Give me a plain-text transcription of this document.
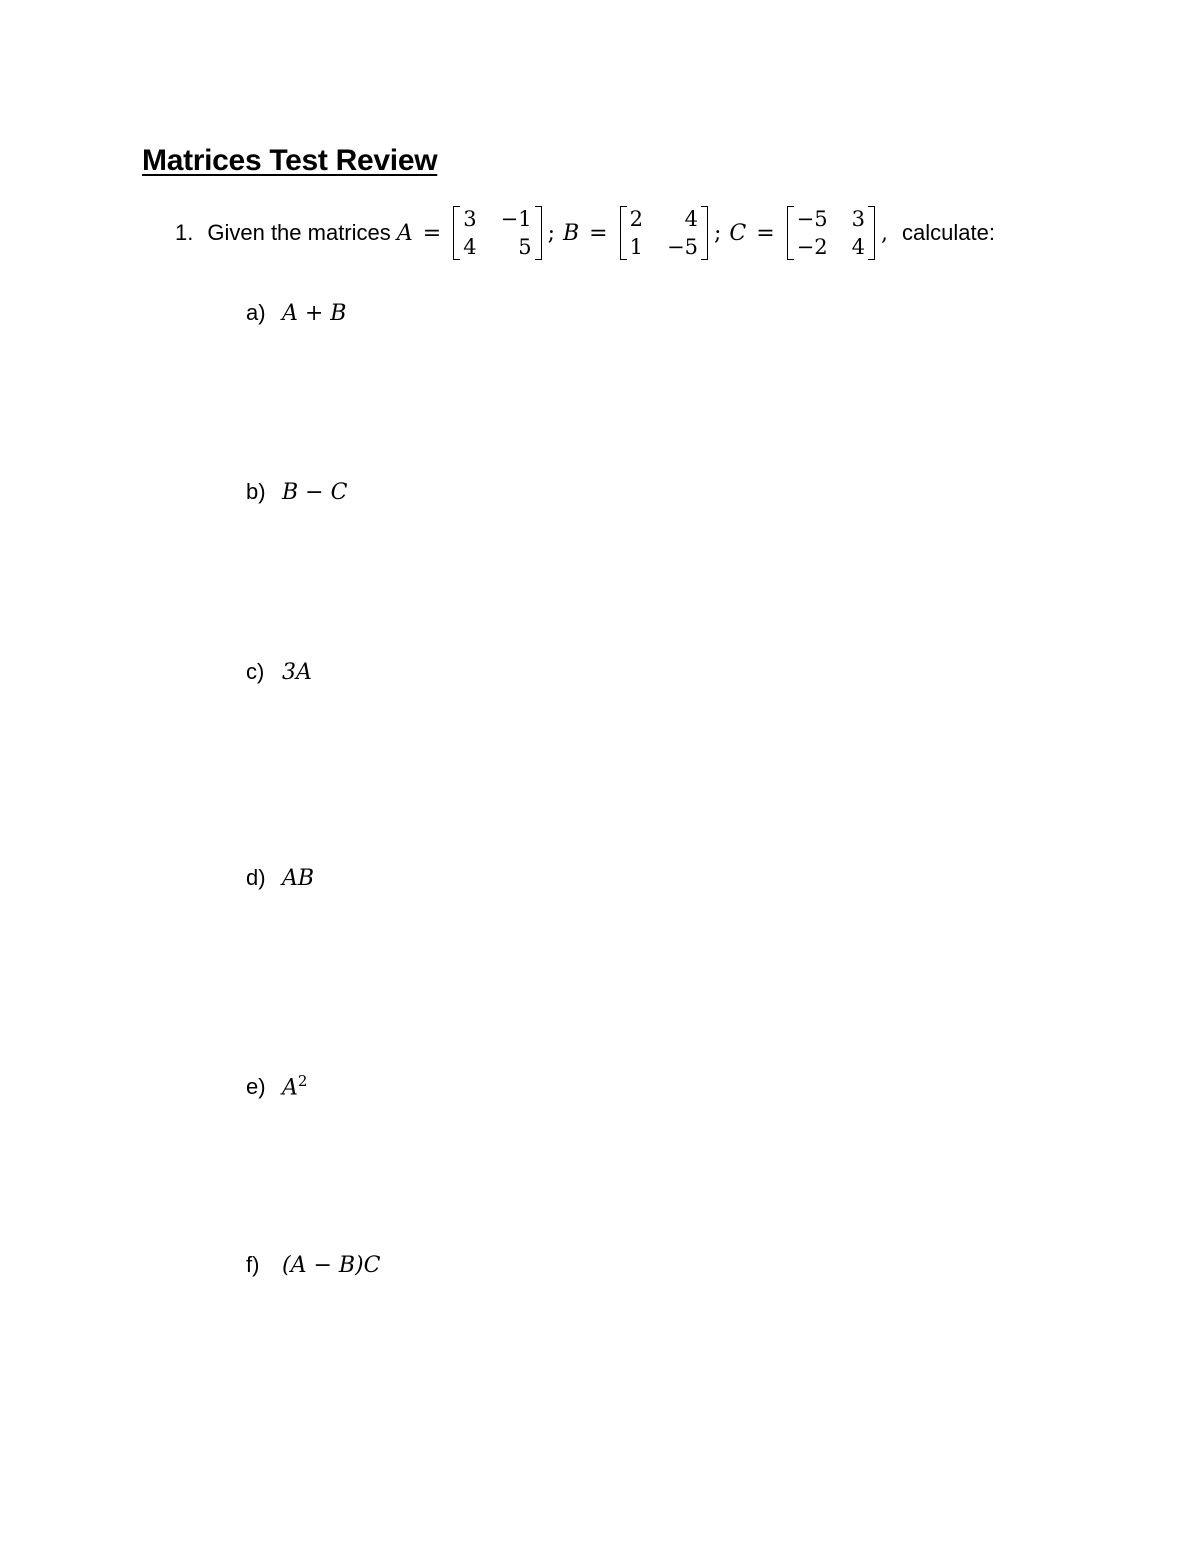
Matrices Test Review
1. Given the matrices
A =
3 −1
4	5
; B =
2	4
1 −5
; C =
−5 3
−2 4
, calculate:
a) A + B
b) B − C
c) 3A
d) AB
e) $A^2$
f)	(A − B)C
